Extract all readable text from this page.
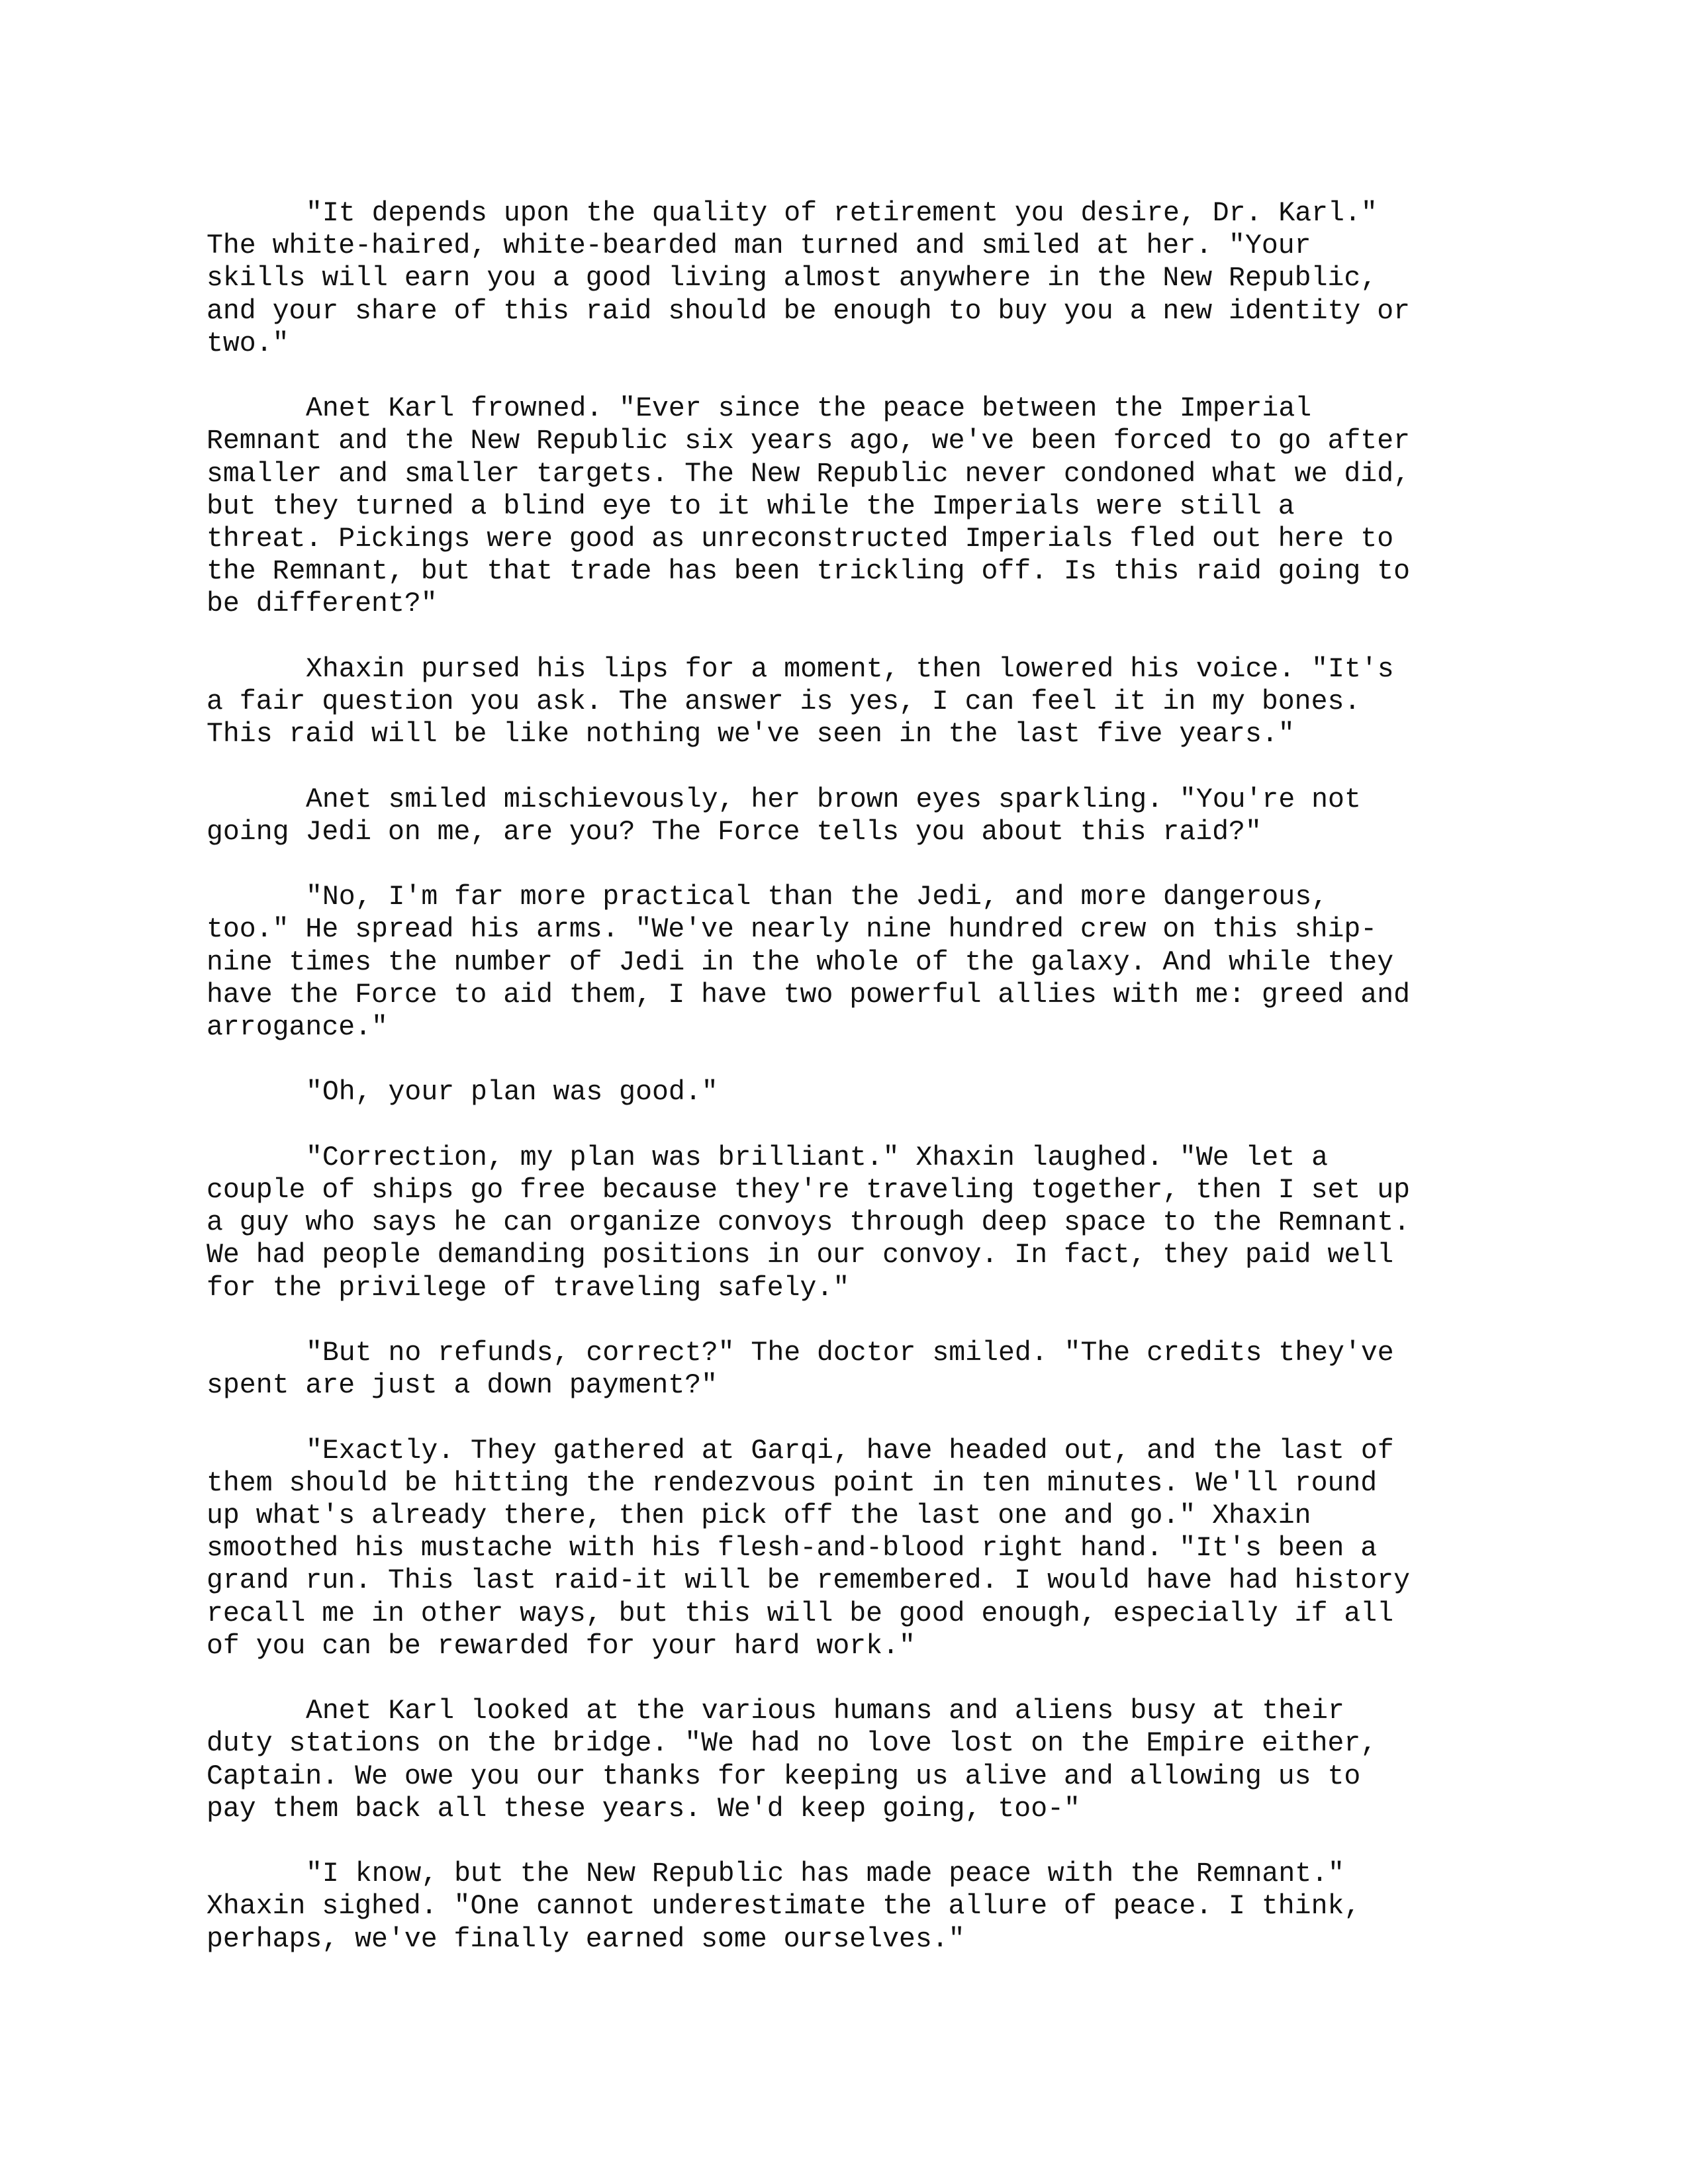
"It depends upon the quality of retirement you desire, Dr. Karl."
The white-haired, white-bearded man turned and smiled at her. "Your
skills will earn you a good living almost anywhere in the New Republic,
and your share of this raid should be enough to buy you a new identity or
two."
Anet Karl frowned. "Ever since the peace between the Imperial
Remnant and the New Republic six years ago, we've been forced to go after
smaller and smaller targets. The New Republic never condoned what we did,
but they turned a blind eye to it while the Imperials were still a
threat. Pickings were good as unreconstructed Imperials fled out here to
the Remnant, but that trade has been trickling off. Is this raid going to
be different?"
Xhaxin pursed his lips for a moment, then lowered his voice. "It's
a fair question you ask. The answer is yes, I can feel it in my bones.
This raid will be like nothing we've seen in the last five years."
Anet smiled mischievously, her brown eyes sparkling. "You're not
going Jedi on me, are you? The Force tells you about this raid?"
"No, I'm far more practical than the Jedi, and more dangerous,
too." He spread his arms. "We've nearly nine hundred crew on this ship-
nine times the number of Jedi in the whole of the galaxy. And while they
have the Force to aid them, I have two powerful allies with me: greed and
arrogance."
"Oh, your plan was good."
"Correction, my plan was brilliant." Xhaxin laughed. "We let a
couple of ships go free because they're traveling together, then I set up
a guy who says he can organize convoys through deep space to the Remnant.
We had people demanding positions in our convoy. In fact, they paid well
for the privilege of traveling safely."
"But no refunds, correct?" The doctor smiled. "The credits they've
spent are just a down payment?"
"Exactly. They gathered at Garqi, have headed out, and the last of
them should be hitting the rendezvous point in ten minutes. We'll round
up what's already there, then pick off the last one and go." Xhaxin
smoothed his mustache with his flesh-and-blood right hand. "It's been a
grand run. This last raid-it will be remembered. I would have had history
recall me in other ways, but this will be good enough, especially if all
of you can be rewarded for your hard work."
Anet Karl looked at the various humans and aliens busy at their
duty stations on the bridge. "We had no love lost on the Empire either,
Captain. We owe you our thanks for keeping us alive and allowing us to
pay them back all these years. We'd keep going, too-"
"I know, but the New Republic has made peace with the Remnant."
Xhaxin sighed. "One cannot underestimate the allure of peace. I think,
perhaps, we've finally earned some ourselves."
